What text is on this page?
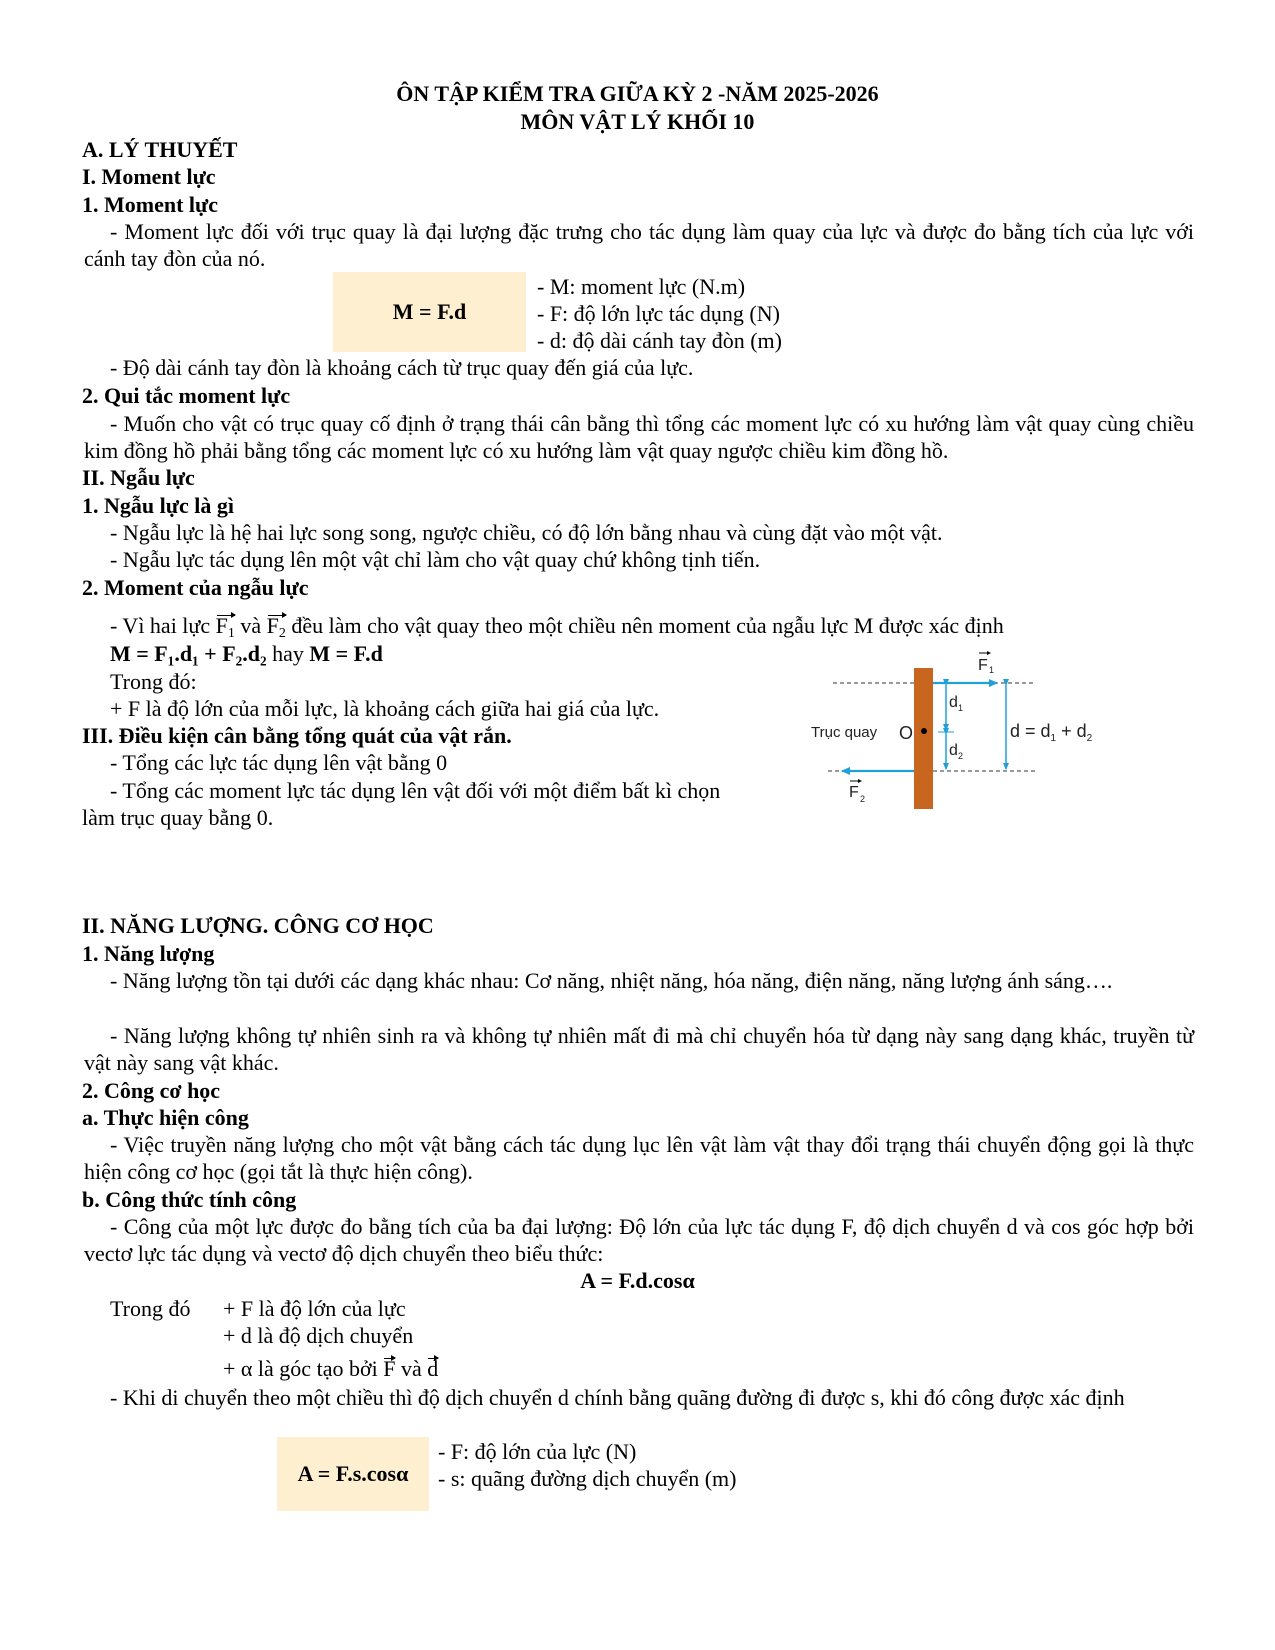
ÔN TẬP KIỂM TRA GIỮA KỲ 2 -NĂM 2025-2026
MÔN VẬT LÝ KHỐI 10
A. LÝ THUYẾT
I. Moment lực
1. Moment lực
- Moment lực đối với trục quay là đại lượng đặc trưng cho tác dụng làm quay của lực và được đo bằng tích của lực với cánh tay đòn của nó.
M = F.d
- M: moment lực (N.m)
- F: độ lớn lực tác dụng (N)
- d: độ dài cánh tay đòn (m)
- Độ dài cánh tay đòn là khoảng cách từ trục quay đến giá của lực.
2. Qui tắc moment lực
- Muốn cho vật có trục quay cố định ở trạng thái cân bằng thì tổng các moment lực có xu hướng làm vật quay cùng chiều kim đồng hồ phải bằng tổng các moment lực có xu hướng làm vật quay ngược chiều kim đồng hồ.
II. Ngẫu lực
1. Ngẫu lực là gì
- Ngẫu lực là hệ hai lực song song, ngược chiều, có độ lớn bằng nhau và cùng đặt vào một vật.
- Ngẫu lực tác dụng lên một vật chỉ làm cho vật quay chứ không tịnh tiến.
2. Moment của ngẫu lực
- Vì hai lực $F_1$ và $F_2$ đều làm cho vật quay theo một chiều nên moment của ngẫu lực M được xác định
M = F₁.d₁ + F₂.d₂ hay M = F.d
Trong đó:
+ F là độ lớn của mỗi lực, là khoảng cách giữa hai giá của lực.
III. Điều kiện cân bằng tổng quát của vật rắn.
- Tổng các lực tác dụng lên vật bằng 0
- Tổng các moment lực tác dụng lên vật đối với một điểm bất kì chọn
làm trục quay bằng 0.
Trục quay O
F 1
F 2
d 1
d 2
$d = d_1 + d_2$
II. NĂNG LƯỢNG. CÔNG CƠ HỌC
1. Năng lượng
- Năng lượng tồn tại dưới các dạng khác nhau: Cơ năng, nhiệt năng, hóa năng, điện năng, năng lượng ánh sáng….
- Năng lượng không tự nhiên sinh ra và không tự nhiên mất đi mà chỉ chuyển hóa từ dạng này sang dạng khác, truyền từ vật này sang vật khác.
2. Công cơ học
a. Thực hiện công
- Việc truyền năng lượng cho một vật bằng cách tác dụng lục lên vật làm vật thay đổi trạng thái chuyển động gọi là thực hiện công cơ học (gọi tắt là thực hiện công).
b. Công thức tính công
- Công của một lực được đo bằng tích của ba đại lượng: Độ lớn của lực tác dụng F, độ dịch chuyển d và cos góc hợp bởi vectơ lực tác dụng và vectơ độ dịch chuyển theo biểu thức:
A = F.d.cosα
Trong đó + F là độ lớn của lực
+ d là độ dịch chuyển
+ α là góc tạo bởi F và d
- Khi di chuyển theo một chiều thì độ dịch chuyển d chính bằng quãng đường đi được s, khi đó công được xác định
A = F.s.cosα
- F: độ lớn của lực (N)
- s: quãng đường dịch chuyển (m)
